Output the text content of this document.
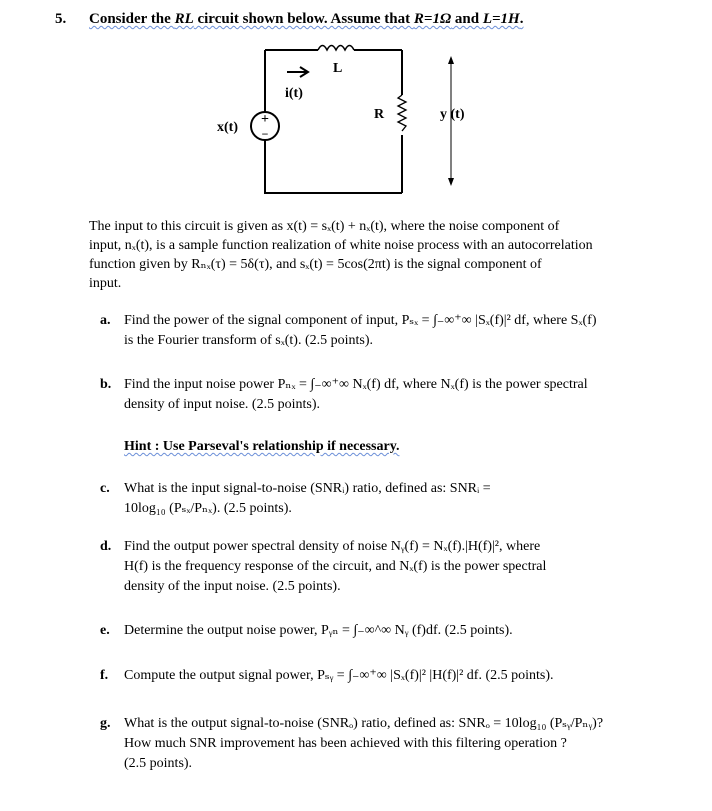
5. Consider the RL circuit shown below. Assume that R=1Ω and L=1H.
+
−
L
i(t)
x(t)
R	y (t)

The input to this circuit is given as x(t) = sₓ(t) + nₓ(t), where the noise component of

input, nₓ(t), is a sample function realization of white noise process with an autocorrelation

function given by Rₙₓ(τ) = 5δ(τ), and sₓ(t) = 5cos(2πt) is the signal component of

input.

a. Find the power of the signal component of input, Pₛₓ = ∫₋∞⁺∞ |Sₓ(f)|² df, where Sₓ(f)
is the Fourier transform of sₓ(t). (2.5 points).
b. Find the input noise power Pₙₓ = ∫₋∞⁺∞ Nₓ(f) df, where Nₓ(f) is the power spectral
density of input noise. (2.5 points).
Hint : Use Parseval's relationship if necessary.
c.	What is the input signal-to-noise (SNRᵢ) ratio, defined as: SNRᵢ =
10log₁₀ (Pₛₓ/Pₙₓ). (2.5 points).
d. Find the output power spectral density of noise Nᵧ(f) = Nₓ(f).|H(f)|², where
H(f) is the frequency response of the circuit, and Nₓ(f) is the power spectral
density of the input noise. (2.5 points).
e.	Determine the output noise power, Pᵧₙ = ∫₋∞^∞ Nᵧ (f)df. (2.5 points).
f.	Compute the output signal power, Pₛᵧ = ∫₋∞⁺∞ |Sₓ(f)|² |H(f)|² df. (2.5 points).
g. What is the output signal-to-noise (SNRₒ) ratio, defined as: SNRₒ = 10log₁₀ (Pₛᵧ/Pₙᵧ)?
How much SNR improvement has been achieved with this filtering operation ?
(2.5 points).
